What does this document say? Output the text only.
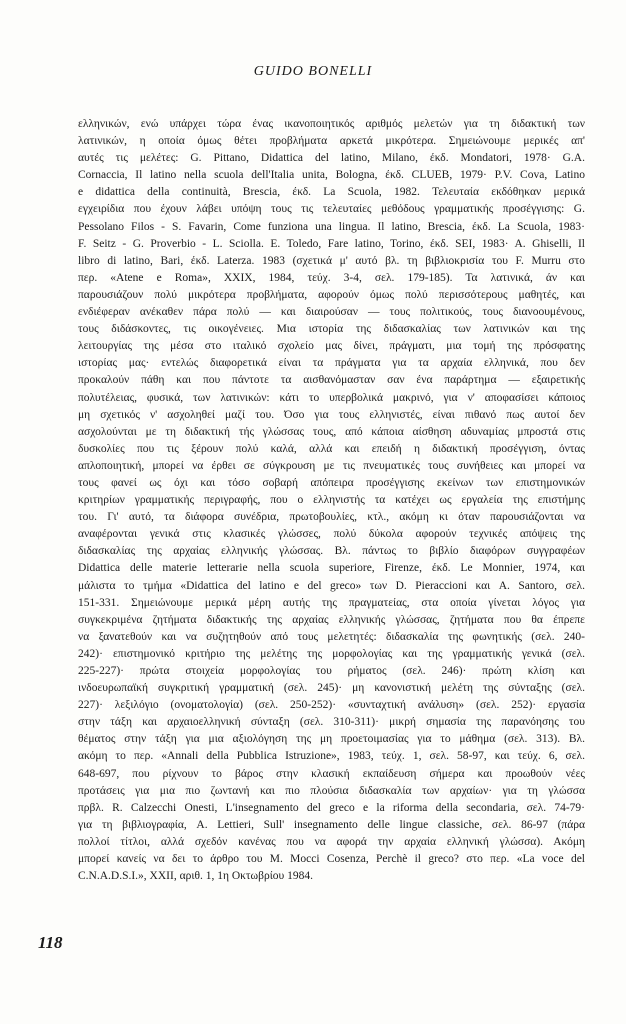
GUIDO BONELLI
ελληνικών, ενώ υπάρχει τώρα ένας ικανοποιητικός αριθμός μελετών για τη διδακτική των
λατινικών, η οποία όμως θέτει προβλήματα αρκετά μικρότερα. Σημειώνουμε μερικές απ'
αυτές τις μελέτες: G. Pittano, Didattica del latino, Milano, έκδ. Mondatori, 1978· G.A.
Cornaccia, Il latino nella scuola dell'Italia unita, Bologna, έκδ. CLUEB, 1979· P.V. Cova, Latino
e didattica della continuità, Brescia, έκδ. La Scuola, 1982. Τελευταία εκδόθηκαν μερικά
εγχειρίδια που έχουν λάβει υπόψη τους τις τελευταίες μεθόδους γραμματικής προσέγγισης: G.
Pessolano Filos - S. Favarin, Come funziona una lingua. Il latino, Brescia, έκδ. La Scuola, 1983·
F. Seitz - G. Proverbio - L. Sciolla. E. Toledo, Fare latino, Torino, έκδ. SEI, 1983· A. Ghiselli, Il
libro di latino, Bari, έκδ. Laterza. 1983 (σχετικά μ' αυτό βλ. τη βιβλιοκρισία του F. Murru στο
περ. «Atene e Roma», XXIX, 1984, τεύχ. 3-4, σελ. 179-185). Τα λατινικά, άν και
παρουσιάζουν πολύ μικρότερα προβλήματα, αφορούν όμως πολύ περισσότερους μαθητές, και
ενδιέφεραν ανέκαθεν πάρα πολύ — και διαιρούσαν — τους πολιτικούς, τους διανοουμένους,
τους διδάσκοντες, τις οικογένειες. Μια ιστορία της διδασκαλίας των λατινικών και της
λειτουργίας της μέσα στο ιταλικό σχολείο μας δίνει, πράγματι, μια τομή της πρόσφατης
ιστορίας μας· εντελώς διαφορετικά είναι τα πράγματα για τα αρχαία ελληνικά, που δεν
προκαλούν πάθη και που πάντοτε τα αισθανόμασταν σαν ένα παράρτημα — εξαιρετικής
πολυτέλειας, φυσικά, των λατινικών: κάτι το υπερβολικά μακρινό, για ν' αποφασίσει κάποιος
μη σχετικός ν' ασχοληθεί μαζί του. Όσο για τους ελληνιστές, είναι πιθανό πως αυτοί δεν
ασχολούνται με τη διδακτική τής γλώσσας τους, από κάποια αίσθηση αδυναμίας μπροστά στις
δυσκολίες που τις ξέρουν πολύ καλά, αλλά και επειδή η διδακτική προσέγγιση, όντας
απλοποιητική, μπορεί να έρθει σε σύγκρουση με τις πνευματικές τους συνήθειες και μπορεί να
τους φανεί ως όχι και τόσο σοβαρή απόπειρα προσέγγισης εκείνων των επιστημονικών
κριτηρίων γραμματικής περιγραφής, που ο ελληνιστής τα κατέχει ως εργαλεία της επιστήμης
του. Γι' αυτό, τα διάφορα συνέδρια, πρωτοβουλίες, κτλ., ακόμη κι όταν παρουσιάζονται να
αναφέρονται γενικά στις κλασικές γλώσσες, πολύ δύκολα αφορούν τεχνικές απόψεις της
διδασκαλίας της αρχαίας ελληνικής γλώσσας. Βλ. πάντως το βιβλίο διαφόρων συγγραφέων
Didattica delle materie letterarie nella scuola superiore, Firenze, έκδ. Le Monnier, 1974, και
μάλιστα το τμήμα «Didattica del latino e del greco» των D. Pieraccioni και A. Santoro, σελ.
151-331. Σημειώνουμε μερικά μέρη αυτής της πραγματείας, στα οποία γίνεται λόγος για
συγκεκριμένα ζητήματα διδακτικής της αρχαίας ελληνικής γλώσσας, ζητήματα που θα έπρεπε
να ξανατεθούν και να συζητηθούν από τους μελετητές: διδασκαλία της φωνητικής (σελ. 240-
242)· επιστημονικό κριτήριο της μελέτης της μορφολογίας και της γραμματικής γενικά (σελ.
225-227)· πρώτα στοιχεία μορφολογίας του ρήματος (σελ. 246)· πρώτη κλίση και
ινδοευρωπαϊκή συγκριτική γραμματική (σελ. 245)· μη κανονιστική μελέτη της σύνταξης (σελ.
227)· λεξιλόγιο (ονοματολογία) (σελ. 250-252)· «συνταχτική ανάλυση» (σελ. 252)· εργασία
στην τάξη και αρχαιοελληνική σύνταξη (σελ. 310-311)· μικρή σημασία της παρανόησης του
θέματος στην τάξη για μια αξιολόγηση της μη προετοιμασίας για το μάθημα (σελ. 313). Βλ.
ακόμη το περ. «Annali della Pubblica Istruzione», 1983, τεύχ. 1, σελ. 58-97, και τεύχ. 6, σελ.
648-697, που ρίχνουν το βάρος στην κλασική εκπαίδευση σήμερα και προωθούν νέες
προτάσεις για μια πιο ζωντανή και πιο πλούσια διδασκαλία των αρχαίων· για τη γλώσσα
πρβλ. R. Calzecchi Onesti, L'insegnamento del greco e la riforma della secondaria, σελ. 74-79·
για τη βιβλιογραφία, A. Lettieri, Sull' insegnamento delle lingue classiche, σελ. 86-97 (πάρα
πολλοί τίτλοι, αλλά σχεδόν κανένας που να αφορά την αρχαία ελληνική γλώσσα). Ακόμη
μπορεί κανείς να δει το άρθρο του M. Mocci Cosenza, Perchè il greco? στο περ. «La voce del
C.N.A.D.S.I.», XXII, αριθ. 1, 1η Οκτωβρίου 1984.
118
